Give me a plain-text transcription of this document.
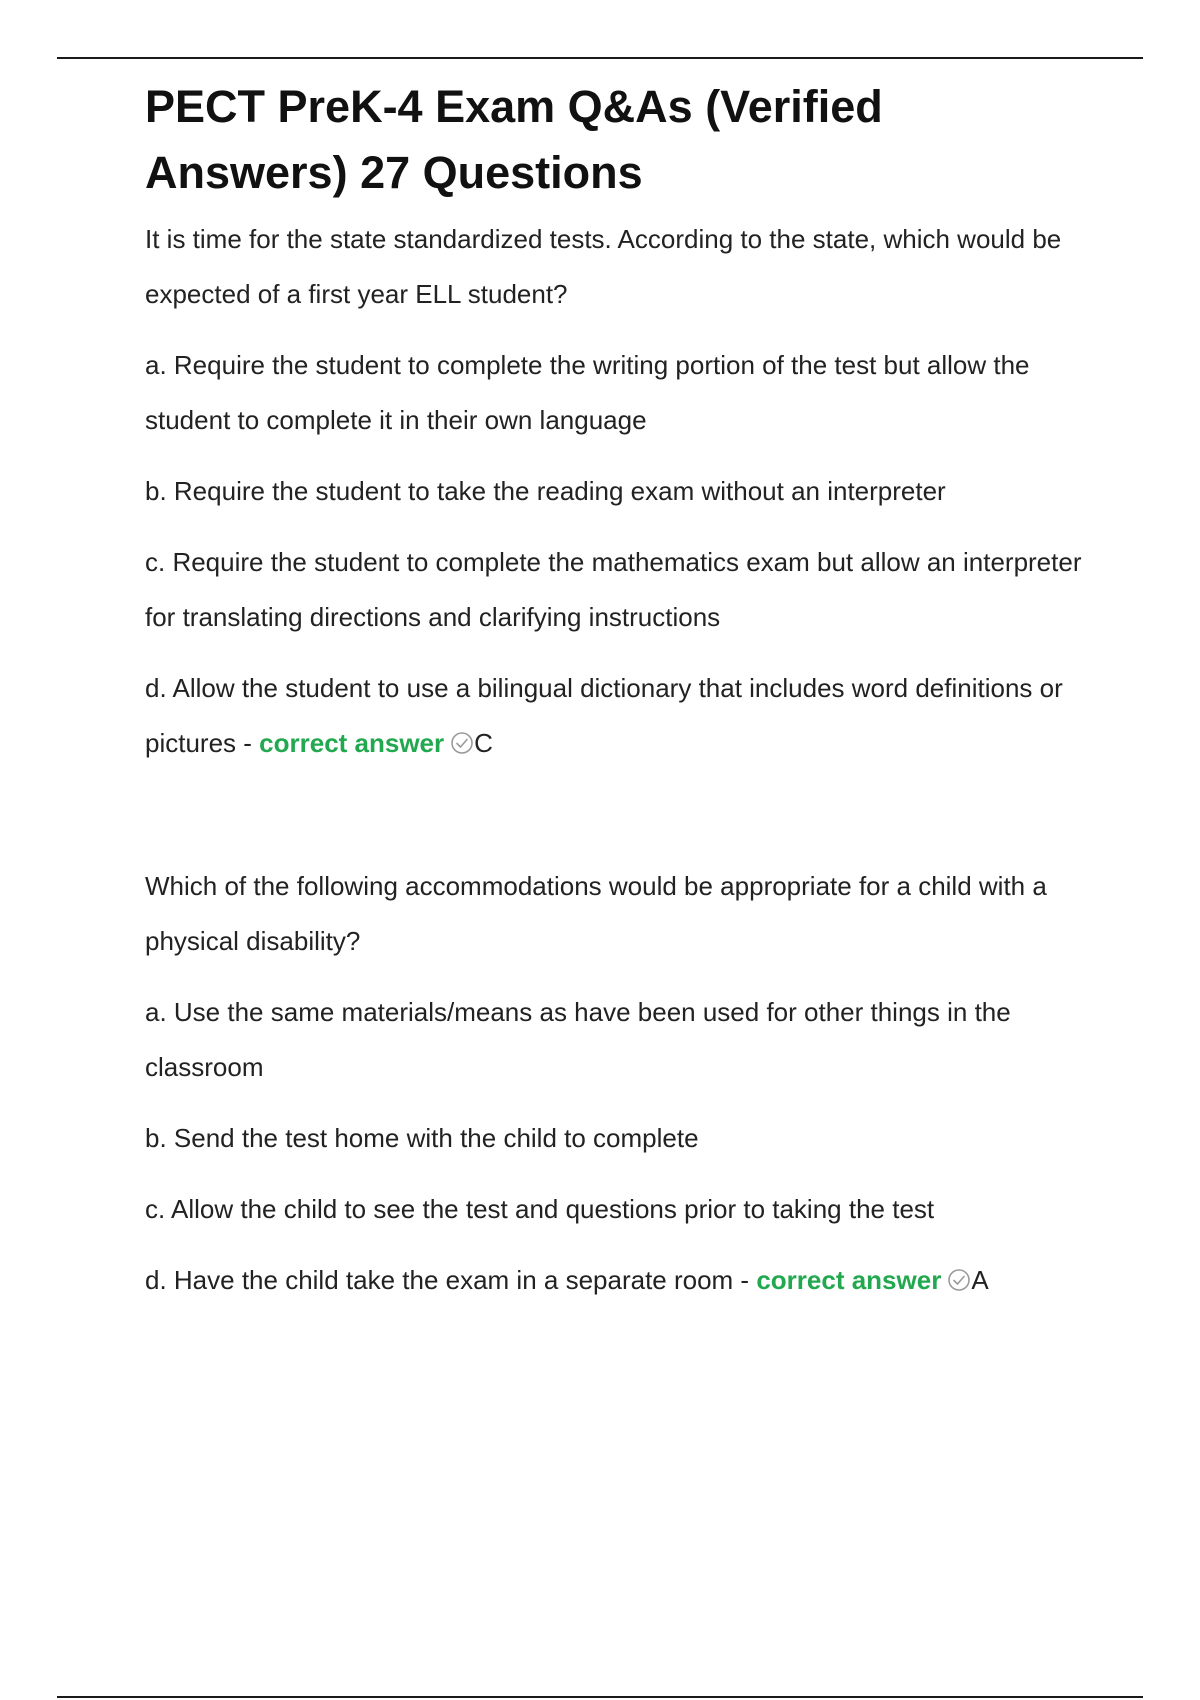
PECT PreK-4 Exam Q&As (Verified Answers) 27 Questions

It is time for the state standardized tests. According to the state, which would be expected of a first year ELL student?

a. Require the student to complete the writing portion of the test but allow the student to complete it in their own language
b. Require the student to take the reading exam without an interpreter
c. Require the student to complete the mathematics exam but allow an interpreter for translating directions and clarifying instructions
d. Allow the student to use a bilingual dictionary that includes word definitions or pictures - correct answer C

Which of the following accommodations would be appropriate for a child with a physical disability?

a. Use the same materials/means as have been used for other things in the classroom
b. Send the test home with the child to complete
c. Allow the child to see the test and questions prior to taking the test
d. Have the child take the exam in a separate room - correct answer A
